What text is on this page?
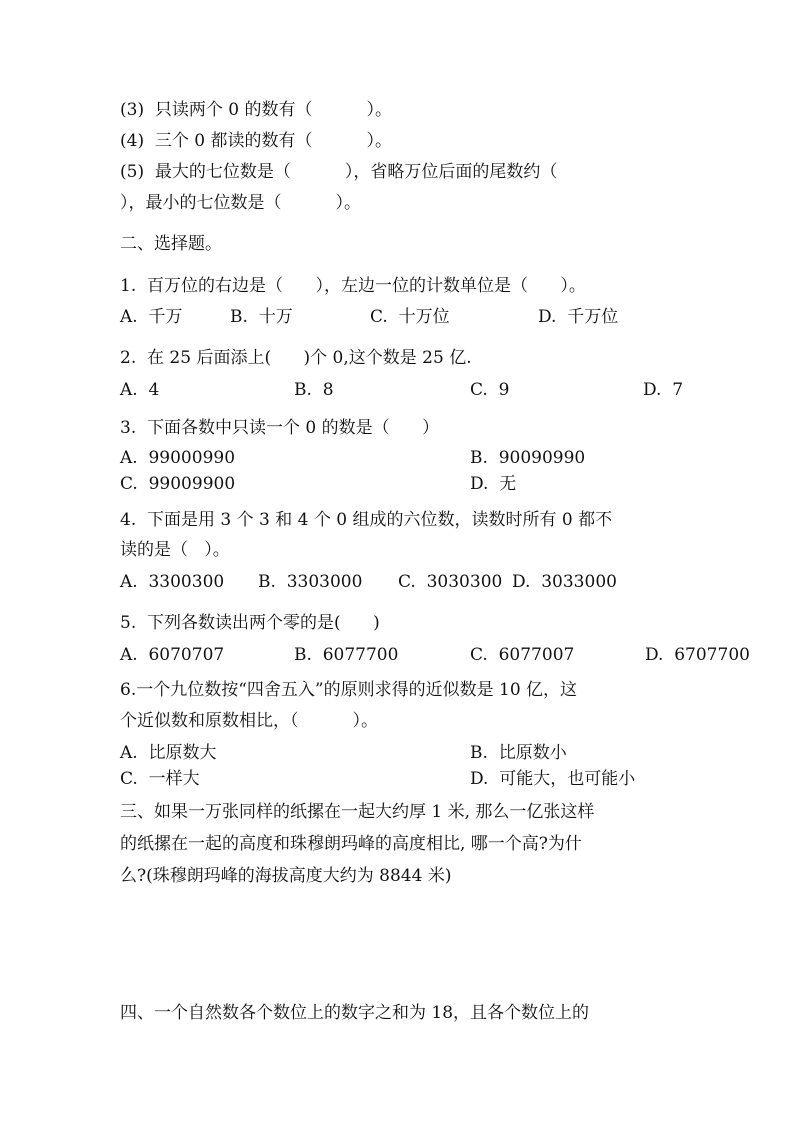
(3)  只读两个 0 的数有（          ）。
(4)  三个 0 都读的数有（          ）。
(5)  最大的七位数是（          ），省略万位后面的尾数约（
），最小的七位数是（          ）。
二、选择题。
1.  百万位的右边是（      ），左边一位的计数单位是（      ）。
A.  千万	B.  十万	C.  十万位	D.  千万位
2.  在 25 后面添上(      )个 0,这个数是 25 亿.
A.  4	B.  8	C.  9	D.  7
3.  下面各数中只读一个 0 的数是（      ）
A.  99000990	B.  90090990
C.  99009900	D.  无
4.  下面是用 3 个 3 和 4 个 0 组成的六位数，读数时所有 0 都不
读的是（   ）。
A.  3300300 B.  3303000 C.  3030300 D.  3033000
5.  下列各数读出两个零的是(      )
A.  6070707	B.  6077700	C.  6077007	D.  6707700
6.一个九位数按“四舍五入”的原则求得的近似数是 10 亿，这
个近似数和原数相比，（          ）。
A.  比原数大	B.  比原数小
C.  一样大	D.  可能大，也可能小
三、如果一万张同样的纸摞在一起大约厚 1 米, 那么一亿张这样
的纸摞在一起的高度和珠穆朗玛峰的高度相比, 哪一个高?为什
么?(珠穆朗玛峰的海拔高度大约为 8844 米)
四、一个自然数各个数位上的数字之和为 18，且各个数位上的
